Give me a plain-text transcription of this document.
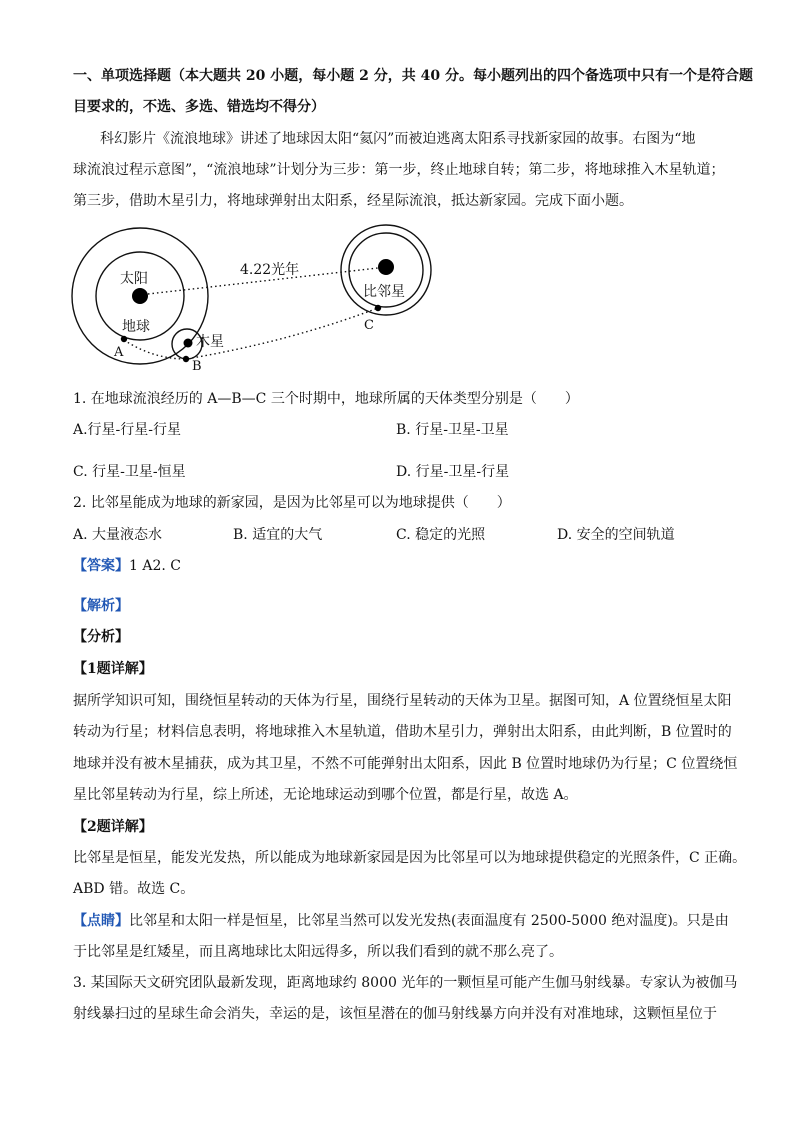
一、单项选择题（本大题共 20 小题，每小题 2 分，共 40 分。每小题列出的四个备选项中只有一个是符合题
目要求的，不选、多选、错选均不得分）
科幻影片《流浪地球》讲述了地球因太阳“氦闪”而被迫逃离太阳系寻找新家园的故事。右图为“地
球流浪过程示意图”，“流浪地球”计划分为三步：第一步，终止地球自转；第二步，将地球推入木星轨道；
第三步，借助木星引力，将地球弹射出太阳系，经星际流浪，抵达新家园。完成下面小题。
太阳
地球
比邻星
4.22光年
木星
A
B
C
1. 在地球流浪经历的 A—B—C 三个时期中，地球所属的天体类型分别是（　　）
A.行星-行星-行星	B. 行星-卫星-卫星
C. 行星-卫星-恒星	D. 行星-卫星-行星
2. 比邻星能成为地球的新家园，是因为比邻星可以为地球提供（　　）
A. 大量液态水	B. 适宜的大气	C. 稳定的光照	D. 安全的空间轨道
【答案】1 A2. C
【解析】
【分析】
【1题详解】
据所学知识可知，围绕恒星转动的天体为行星，围绕行星转动的天体为卫星。据图可知，A 位置绕恒星太阳
转动为行星；材料信息表明，将地球推入木星轨道，借助木星引力，弹射出太阳系，由此判断，B 位置时的
地球并没有被木星捕获，成为其卫星，不然不可能弹射出太阳系，因此 B 位置时地球仍为行星；C 位置绕恒
星比邻星转动为行星，综上所述，无论地球运动到哪个位置，都是行星，故选 A。
【2题详解】
比邻星是恒星，能发光发热，所以能成为地球新家园是因为比邻星可以为地球提供稳定的光照条件，C 正确。
ABD 错。故选 C。
【点睛】比邻星和太阳一样是恒星，比邻星当然可以发光发热(表面温度有 2500-5000 绝对温度)。只是由
于比邻星是红矮星，而且离地球比太阳远得多，所以我们看到的就不那么亮了。
3. 某国际天文研究团队最新发现，距离地球约 8000 光年的一颗恒星可能产生伽马射线暴。专家认为被伽马
射线暴扫过的星球生命会消失，幸运的是，该恒星潜在的伽马射线暴方向并没有对准地球，这颗恒星位于
